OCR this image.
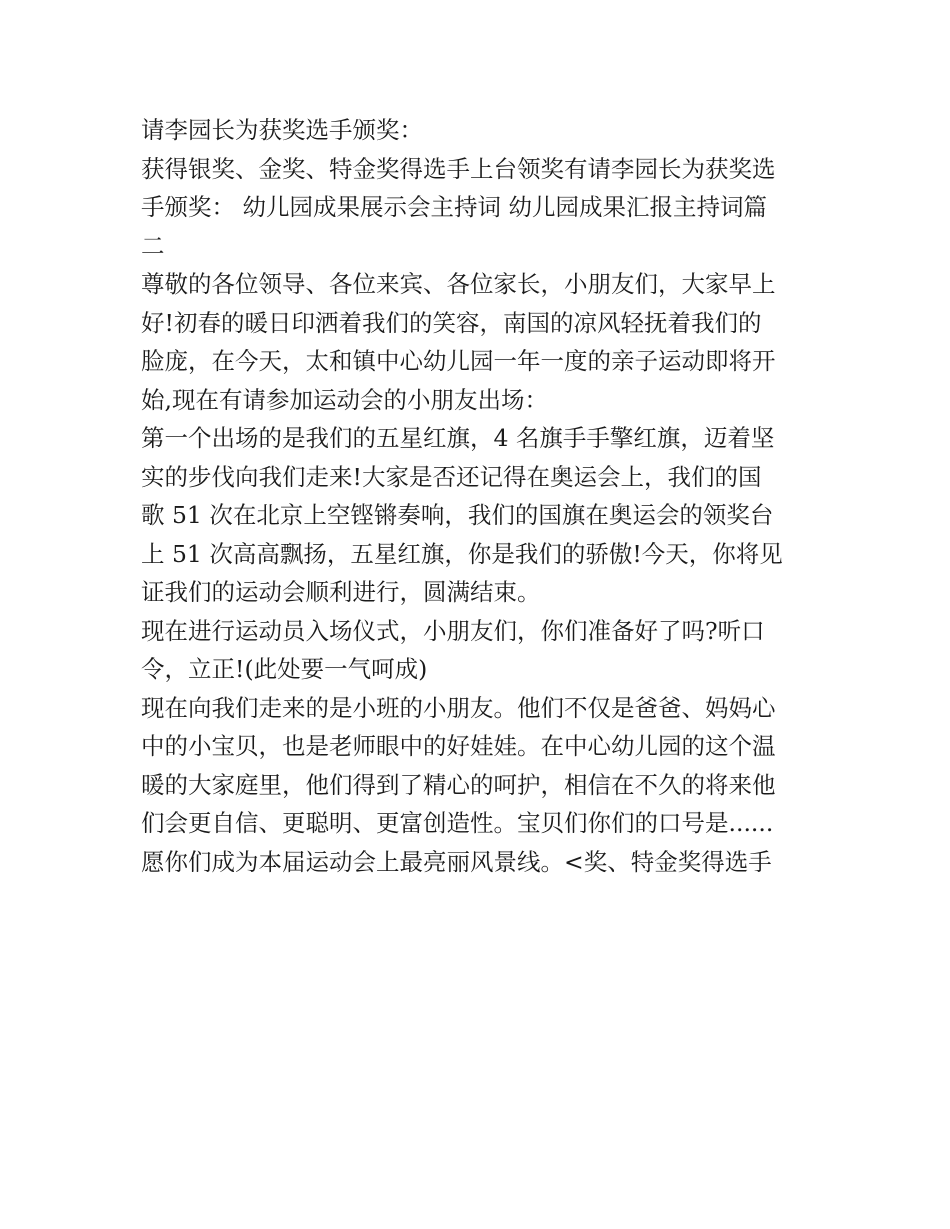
请李园长为获奖选手颁奖：
获得银奖、金奖、特金奖得选手上台领奖有请李园长为获奖选
手颁奖： 幼儿园成果展示会主持词 幼儿园成果汇报主持词篇
二
尊敬的各位领导、各位来宾、各位家长，小朋友们，大家早上
好!初春的暖日印洒着我们的笑容，南国的凉风轻抚着我们的
脸庞，在今天，太和镇中心幼儿园一年一度的亲子运动即将开
始,现在有请参加运动会的小朋友出场：
第一个出场的是我们的五星红旗，4 名旗手手擎红旗，迈着坚
实的步伐向我们走来!大家是否还记得在奥运会上，我们的国
歌 51 次在北京上空铿锵奏响，我们的国旗在奥运会的领奖台
上 51 次高高飘扬，五星红旗，你是我们的骄傲!今天，你将见
证我们的运动会顺利进行，圆满结束。
现在进行运动员入场仪式，小朋友们，你们准备好了吗?听口
令，立正!(此处要一气呵成)
现在向我们走来的是小班的小朋友。他们不仅是爸爸、妈妈心
中的小宝贝，也是老师眼中的好娃娃。在中心幼儿园的这个温
暖的大家庭里，他们得到了精心的呵护，相信在不久的将来他
们会更自信、更聪明、更富创造性。宝贝们你们的口号是......
愿你们成为本届运动会上最亮丽风景线。<奖、特金奖得选手
